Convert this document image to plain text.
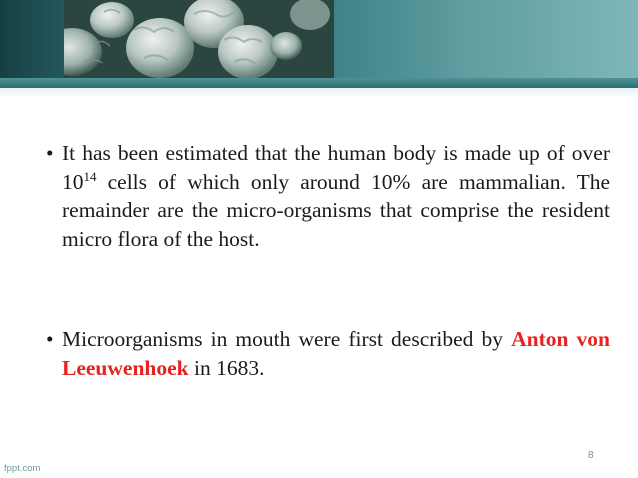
• It has been estimated that the human body is made up of over $10^{14}$ cells of which only around 10% are mammalian. The remainder are the micro-organisms that comprise the resident micro flora of the host.
• Microorganisms in mouth were first described by Anton von Leeuwenhoek in 1683.
8
fppt.com
